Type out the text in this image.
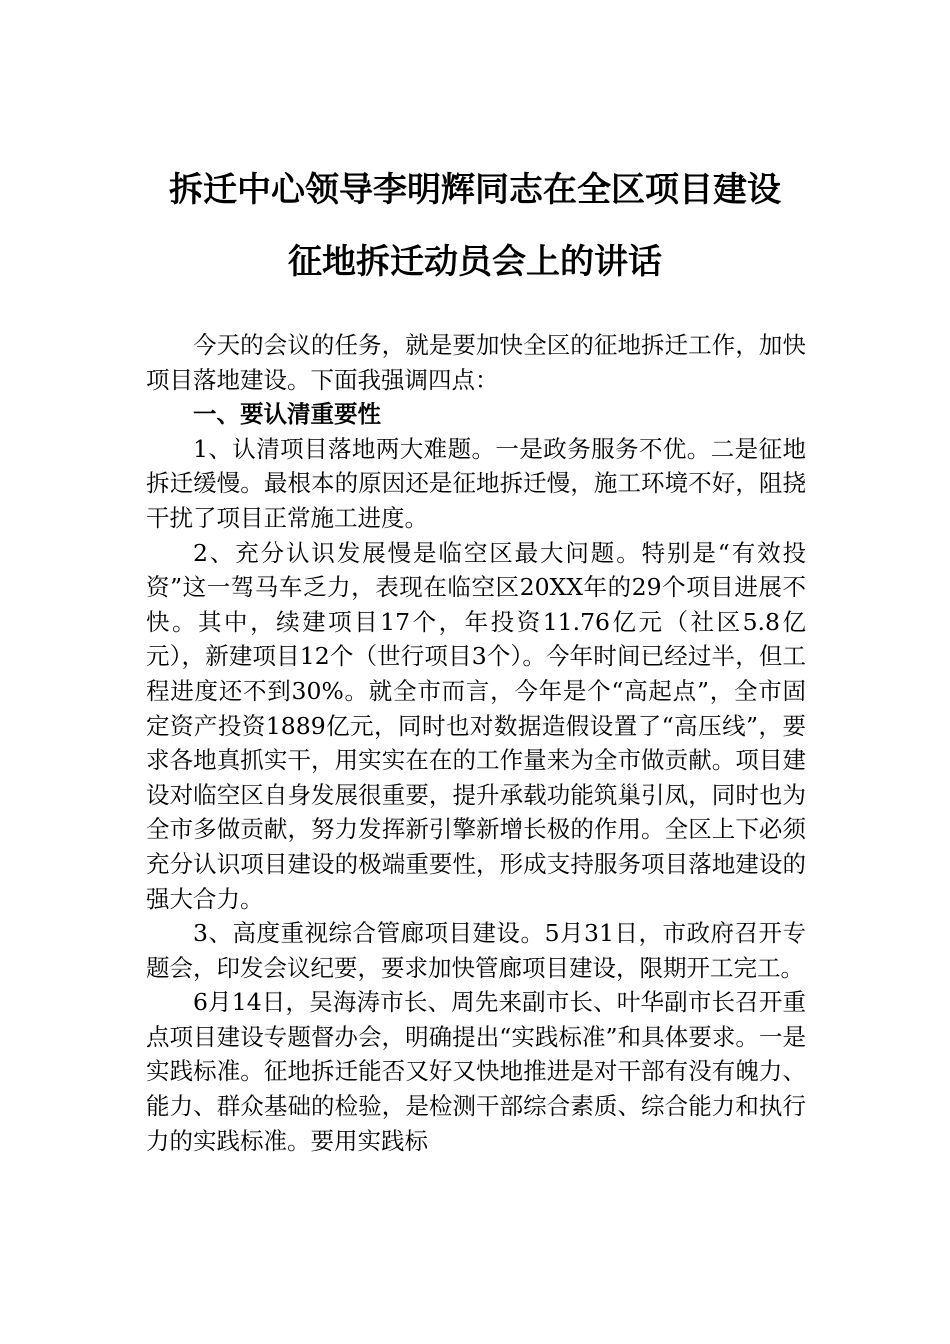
拆迁中心领导李明辉同志在全区项目建设
征地拆迁动员会上的讲话

今天的会议的任务，就是要加快全区的征地拆迁工作，加快项目落地建设。下面我强调四点：

一、要认清重要性

1、认清项目落地两大难题。一是政务服务不优。二是征地拆迁缓慢。最根本的原因还是征地拆迁慢，施工环境不好，阻挠干扰了项目正常施工进度。

2、充分认识发展慢是临空区最大问题。特别是“有效投资”这一驾马车乏力，表现在临空区20XX年的29个项目进展不快。其中，续建项目17个，年投资11.76亿元（社区5.8亿元），新建项目12个（世行项目3个）。今年时间已经过半，但工程进度还不到30%。就全市而言，今年是个“高起点”，全市固定资产投资1889亿元，同时也对数据造假设置了“高压线”，要求各地真抓实干，用实实在在的工作量来为全市做贡献。项目建设对临空区自身发展很重要，提升承载功能筑巢引凤，同时也为全市多做贡献，努力发挥新引擎新增长极的作用。全区上下必须充分认识项目建设的极端重要性，形成支持服务项目落地建设的强大合力。

3、高度重视综合管廊项目建设。5月31日，市政府召开专题会，印发会议纪要，要求加快管廊项目建设，限期开工完工。

6月14日，吴海涛市长、周先来副市长、叶华副市长召开重点项目建设专题督办会，明确提出“实践标准”和具体要求。一是实践标准。征地拆迁能否又好又快地推进是对干部有没有魄力、能力、群众基础的检验，是检测干部综合素质、综合能力和执行力的实践标准。要用实践标
